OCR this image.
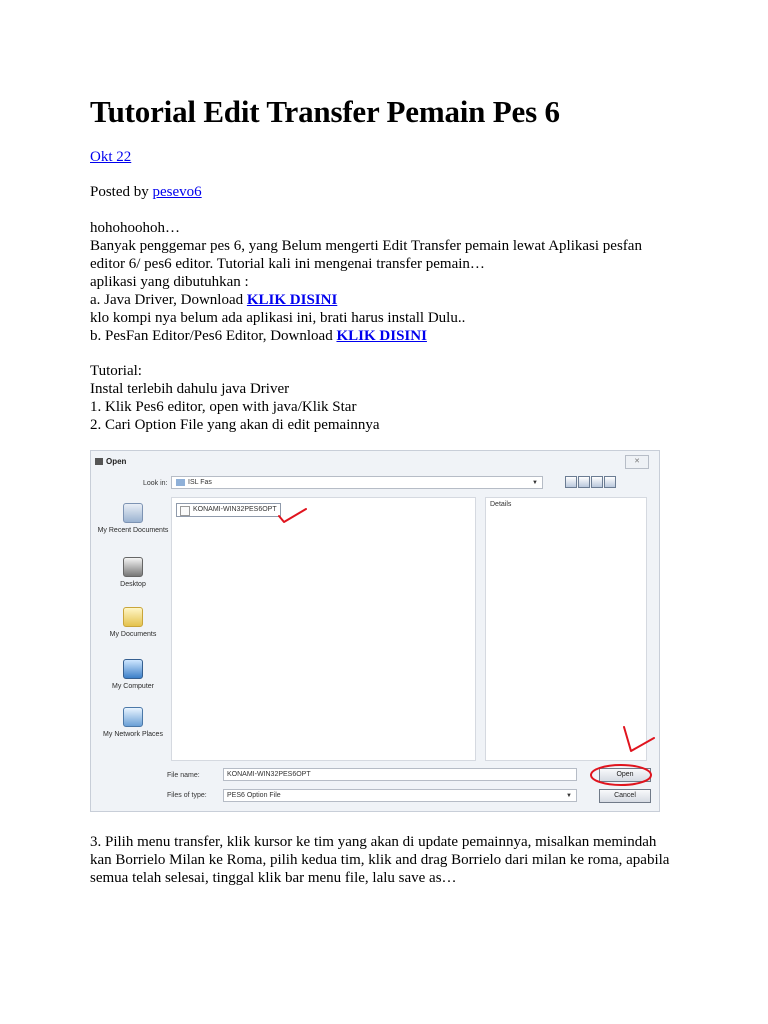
Tutorial Edit Transfer Pemain Pes 6
Okt 22
Posted by pesevo6
hohohoohoh…
Banyak penggemar pes 6, yang Belum mengerti Edit Transfer pemain lewat Aplikasi pesfan
editor 6/ pes6 editor. Tutorial kali ini mengenai transfer pemain…
aplikasi yang dibutuhkan :
a. Java Driver, Download KLIK DISINI
klo kompi nya belum ada aplikasi ini, brati harus install Dulu..
b. PesFan Editor/Pes6 Editor, Download KLIK DISINI
Tutorial:
Instal terlebih dahulu java Driver
1. Klik Pes6 editor, open with java/Klik Star
2. Cari Option File yang akan di edit pemainnya
Open	✕
Look in:	ISL Fas	▼
My Recent Documents
Desktop
My Documents
My Computer
My Network Places
KONAMI-WIN32PES6OPT
Details
File name:	KONAMI-WIN32PES6OPT
Files of type:	PES6 Option File	▼
Open
Cancel
3. Pilih menu transfer, klik kursor ke tim yang akan di update pemainnya, misalkan memindah
kan Borrielo Milan ke Roma, pilih kedua tim, klik and drag Borrielo dari milan ke roma, apabila
semua telah selesai, tinggal klik bar menu file, lalu save as…
